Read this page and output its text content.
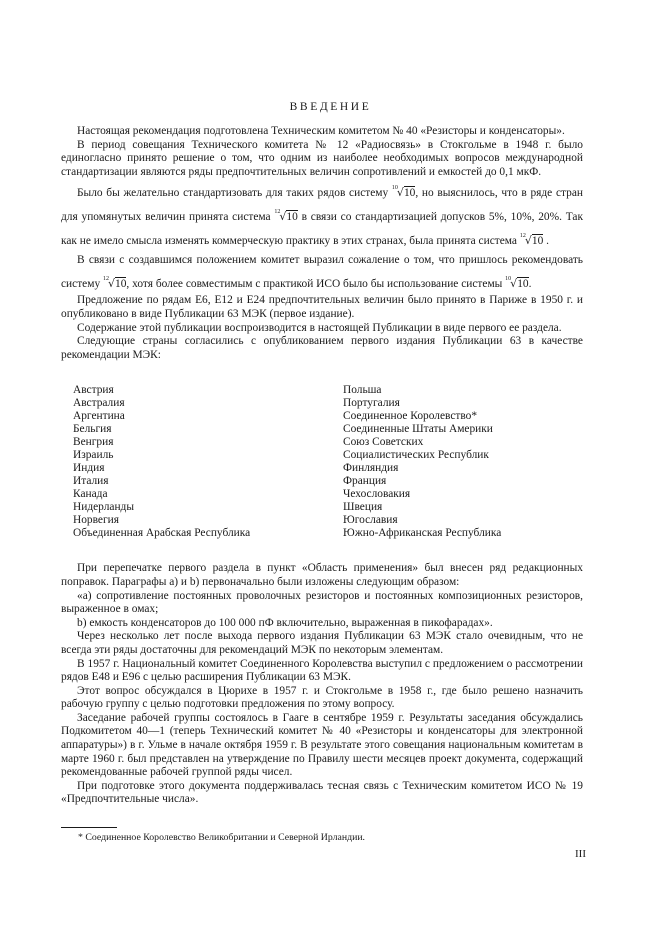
ВВЕДЕНИЕ

Настоящая рекомендация подготовлена Техническим комитетом № 40 «Резисторы и конденсаторы».

В период совещания Технического комитета № 12 «Радиосвязь» в Стокгольме в 1948 г. было единогласно принято решение о том, что одним из наиболее необходимых вопросов международной стандартизации являются ряды предпочтительных величин сопротивлений и емкостей до 0,1 мкФ.

Было бы желательно стандартизовать для таких рядов систему $^{10}$√10, но выяснилось, что в ряде стран для упомянутых величин принята система $^{12}$√10 в связи со стандартизацией допусков 5%, 10%, 20%. Так как не имело смысла изменять коммерческую практику в этих странах, была принята система $^{12}$√10 .

В связи с создавшимся положением комитет выразил сожаление о том, что пришлось рекомендовать систему $^{12}$√10, хотя более совместимым с практикой ИСО было бы использование системы $^{10}$√10.

Предложение по рядам Е6, Е12 и Е24 предпочтительных величин было принято в Париже в 1950 г. и опубликовано в виде Публикации 63 МЭК (первое издание).

Содержание этой публикации воспроизводится в настоящей Публикации в виде первого ее раздела.

Следующие страны согласились с опубликованием первого издания Публикации 63 в качестве рекомендации МЭК:

Австрия
Австралия
Аргентина
Бельгия
Венгрия
Израиль
Индия
Италия
Канада
Нидерланды
Норвегия
Объединенная Арабская Республика
Польша
Португалия
Соединенное Королевство*
Соединенные Штаты Америки
Союз Советских
Социалистических Республик
Финляндия
Франция
Чехословакия
Швеция
Югославия
Южно-Африканская Республика

При перепечатке первого раздела в пункт «Область применения» был внесен ряд редакционных поправок. Параграфы а) и b) первоначально были изложены следующим образом:

«а) сопротивление постоянных проволочных резисторов и постоянных композиционных резисторов, выраженное в омах;

b) емкость конденсаторов до 100 000 пФ включительно, выраженная в пикофарадах».

Через несколько лет после выхода первого издания Публикации 63 МЭК стало очевидным, что не всегда эти ряды достаточны для рекомендаций МЭК по некоторым элементам.

В 1957 г. Национальный комитет Соединенного Королевства выступил с предложением о рассмотрении рядов Е48 и Е96 с целью расширения Публикации 63 МЭК.

Этот вопрос обсуждался в Цюрихе в 1957 г. и Стокгольме в 1958 г., где было решено назначить рабочую группу с целью подготовки предложения по этому вопросу.

Заседание рабочей группы состоялось в Гааге в сентябре 1959 г. Результаты заседания обсуждались Подкомитетом 40—1 (теперь Технический комитет № 40 «Резисторы и конденсаторы для электронной аппаратуры») в г. Ульме в начале октября 1959 г. В результате этого совещания национальным комитетам в марте 1960 г. был представлен на утверждение по Правилу шести месяцев проект документа, содержащий рекомендованные рабочей группой ряды чисел.

При подготовке этого документа поддерживалась тесная связь с Техническим комитетом ИСО № 19 «Предпочтительные числа».

* Соединенное Королевство Великобритании и Северной Ирландии.

III
